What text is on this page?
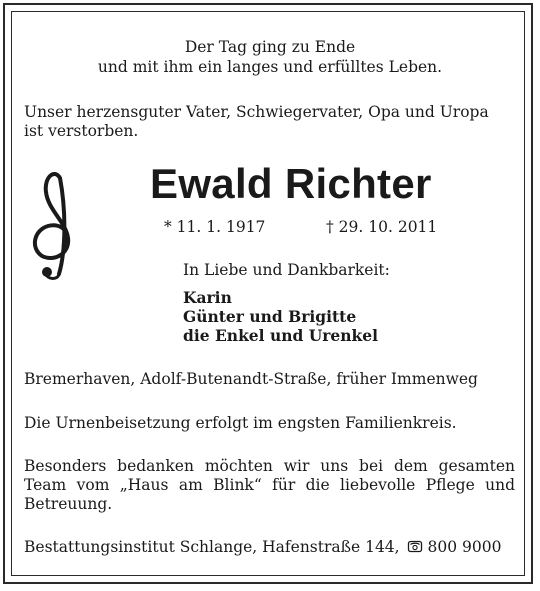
Der Tag ging zu Ende
und mit ihm ein langes und erfülltes Leben.
Unser herzensguter Vater, Schwiegervater, Opa und Uropa
ist verstorben.
Ewald Richter
* 11. 1. 1917	† 29. 10. 2011
In Liebe und Dankbarkeit:
Karin
Günter und Brigitte
die Enkel und Urenkel
Bremerhaven, Adolf-Butenandt-Straße, früher Immenweg
Die Urnenbeisetzung erfolgt im engsten Familienkreis.
Besonders bedanken möchten wir uns bei dem gesamten
Team vom „Haus am Blink“ für die liebevolle Pflege und
Betreuung.
Bestattungsinstitut Schlange, Hafenstraße 144, 800 9000
